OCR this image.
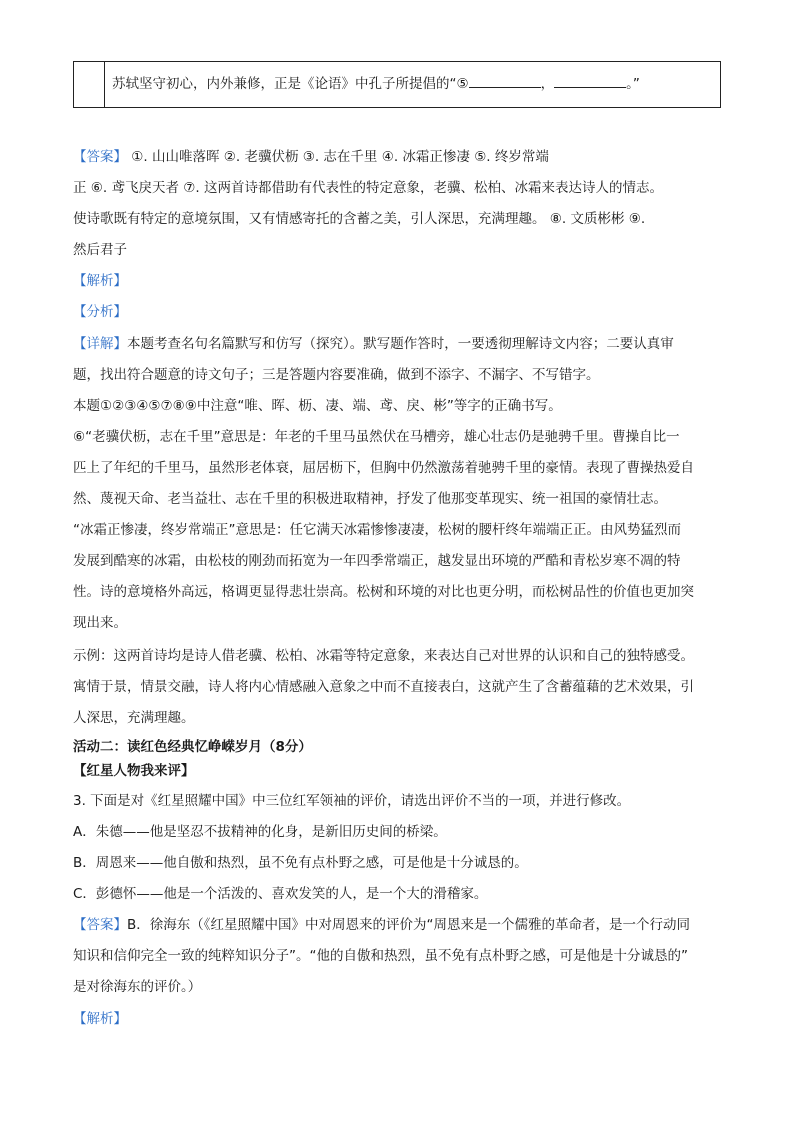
苏轼坚守初心，内外兼修，正是《论语》中孔子所提倡的“⑤	，	。”
【答案】 ①. 山山唯落晖 ②. 老骥伏枥 ③. 志在千里 ④. 冰霜正惨凄 ⑤. 终岁常端
正 ⑥. 鸢飞戾天者 ⑦. 这两首诗都借助有代表性的特定意象，老骥、松柏、冰霜来表达诗人的情志。
使诗歌既有特定的意境氛围，又有情感寄托的含蓄之美，引人深思，充满理趣。 ⑧. 文质彬彬 ⑨.
然后君子
【解析】
【分析】
【详解】本题考查名句名篇默写和仿写（探究）。默写题作答时，一要透彻理解诗文内容；二要认真审
题，找出符合题意的诗文句子；三是答题内容要准确，做到不添字、不漏字、不写错字。
本题①②③④⑤⑦⑧⑨中注意“唯、晖、枥、凄、端、鸢、戾、彬”等字的正确书写。
⑥“老骥伏枥，志在千里”意思是：年老的千里马虽然伏在马槽旁，雄心壮志仍是驰骋千里。曹操自比一
匹上了年纪的千里马，虽然形老体衰，屈居枥下，但胸中仍然激荡着驰骋千里的豪情。表现了曹操热爱自
然、蔑视天命、老当益壮、志在千里的积极进取精神，抒发了他那变革现实、统一祖国的豪情壮志。
“冰霜正惨凄，终岁常端正”意思是：任它满天冰霜惨惨凄凄，松树的腰杆终年端端正正。由风势猛烈而
发展到酷寒的冰霜，由松枝的刚劲而拓宽为一年四季常端正，越发显出环境的严酷和青松岁寒不凋的特
性。诗的意境格外高远，格调更显得悲壮崇高。松树和环境的对比也更分明，而松树品性的价值也更加突
现出来。
示例：这两首诗均是诗人借老骥、松柏、冰霜等特定意象，来表达自己对世界的认识和自己的独特感受。
寓情于景，情景交融，诗人将内心情感融入意象之中而不直接表白，这就产生了含蓄蕴藉的艺术效果，引
人深思，充满理趣。
活动二：读红色经典忆峥嵘岁月（8分）
【红星人物我来评】
3. 下面是对《红星照耀中国》中三位红军领袖的评价，请选出评价不当的一项，并进行修改。
A．朱德——他是坚忍不拔精神的化身，是新旧历史间的桥梁。
B．周恩来——他自傲和热烈，虽不免有点朴野之感，可是他是十分诚恳的。
C．彭德怀——他是一个活泼的、喜欢发笑的人，是一个大的滑稽家。
【答案】B．徐海东（《红星照耀中国》中对周恩来的评价为“周恩来是一个儒雅的革命者，是一个行动同
知识和信仰完全一致的纯粹知识分子”。“他的自傲和热烈，虽不免有点朴野之感，可是他是十分诚恳的”
是对徐海东的评价。）
【解析】
